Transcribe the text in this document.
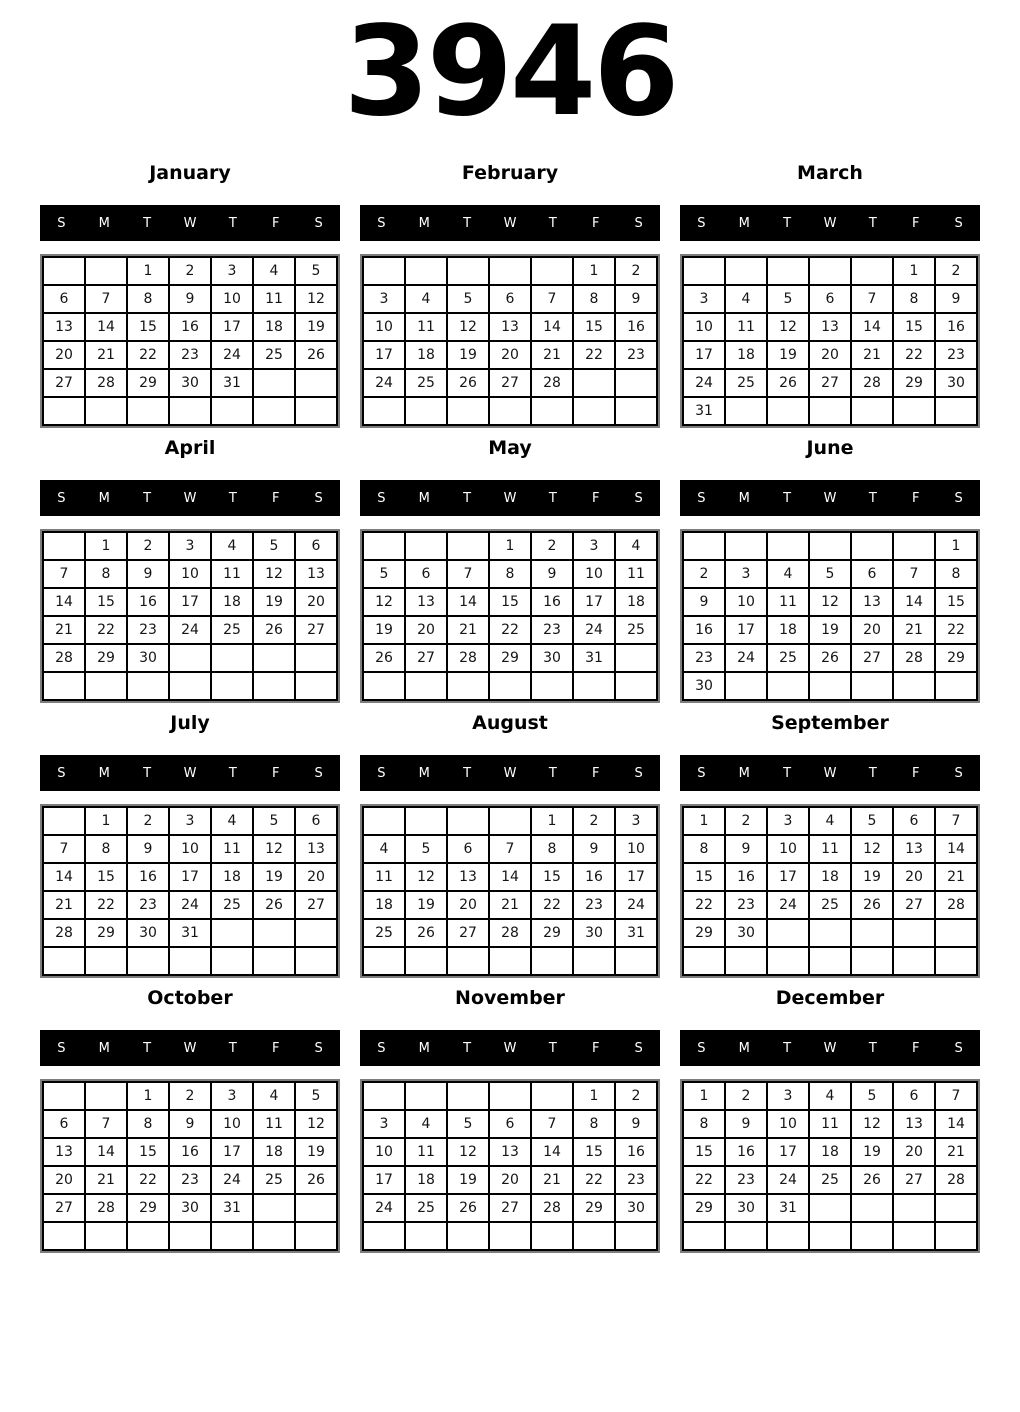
3946
January
S	M	T	W	T	F	S
		1	2	3	4	5
6	7	8	9	10	11	12
13	14	15	16	17	18	19
20	21	22	23	24	25	26
27	28	29	30	31		

February
S	M	T	W	T	F	S
					1	2
3	4	5	6	7	8	9
10	11	12	13	14	15	16
17	18	19	20	21	22	23
24	25	26	27	28		

March
S	M	T	W	T	F	S
					1	2
3	4	5	6	7	8	9
10	11	12	13	14	15	16
17	18	19	20	21	22	23
24	25	26	27	28	29	30
31						
April
S	M	T	W	T	F	S
	1	2	3	4	5	6
7	8	9	10	11	12	13
14	15	16	17	18	19	20
21	22	23	24	25	26	27
28	29	30				

May
S	M	T	W	T	F	S
			1	2	3	4
5	6	7	8	9	10	11
12	13	14	15	16	17	18
19	20	21	22	23	24	25
26	27	28	29	30	31	

June
S	M	T	W	T	F	S
						1
2	3	4	5	6	7	8
9	10	11	12	13	14	15
16	17	18	19	20	21	22
23	24	25	26	27	28	29
30						
July
S	M	T	W	T	F	S
	1	2	3	4	5	6
7	8	9	10	11	12	13
14	15	16	17	18	19	20
21	22	23	24	25	26	27
28	29	30	31			

August
S	M	T	W	T	F	S
				1	2	3
4	5	6	7	8	9	10
11	12	13	14	15	16	17
18	19	20	21	22	23	24
25	26	27	28	29	30	31

September
S	M	T	W	T	F	S
1	2	3	4	5	6	7
8	9	10	11	12	13	14
15	16	17	18	19	20	21
22	23	24	25	26	27	28
29	30					

October
S	M	T	W	T	F	S
		1	2	3	4	5
6	7	8	9	10	11	12
13	14	15	16	17	18	19
20	21	22	23	24	25	26
27	28	29	30	31		

November
S	M	T	W	T	F	S
					1	2
3	4	5	6	7	8	9
10	11	12	13	14	15	16
17	18	19	20	21	22	23
24	25	26	27	28	29	30

December
S	M	T	W	T	F	S
1	2	3	4	5	6	7
8	9	10	11	12	13	14
15	16	17	18	19	20	21
22	23	24	25	26	27	28
29	30	31				
